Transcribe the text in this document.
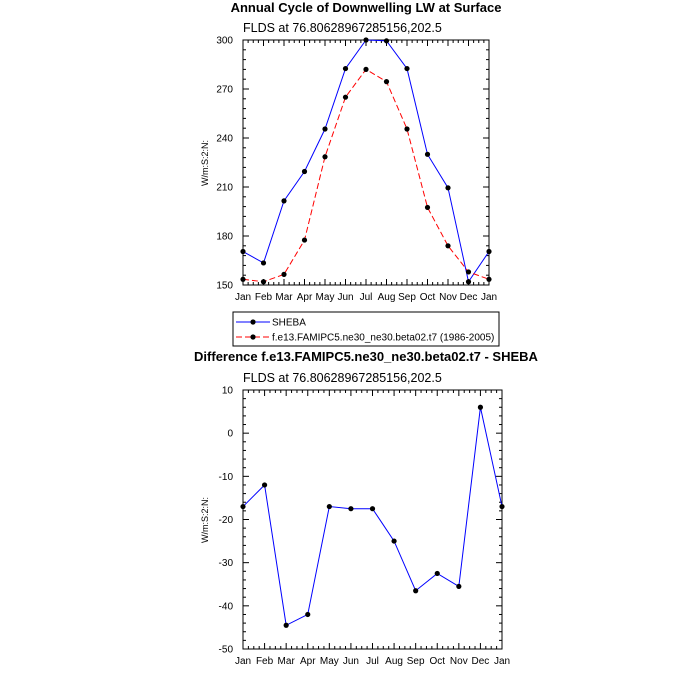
Annual Cycle of Downwelling LW at Surface
FLDS at 76.80628967285156,202.5
W/m:S:2:N:
Jan Feb Mar Apr May Jun Jul Aug Sep Oct Nov Dec Jan
150
180
210
240
270
300
SHEBA
f.e13.FAMIPC5.ne30_ne30.beta02.t7 (1986-2005)
Difference f.e13.FAMIPC5.ne30_ne30.beta02.t7 - SHEBA
FLDS at 76.80628967285156,202.5
W/m:S:2:N:
Jan Feb Mar Apr May Jun Jul Aug Sep Oct Nov Dec Jan
-50
-40
-30
-20
-10
0
10
